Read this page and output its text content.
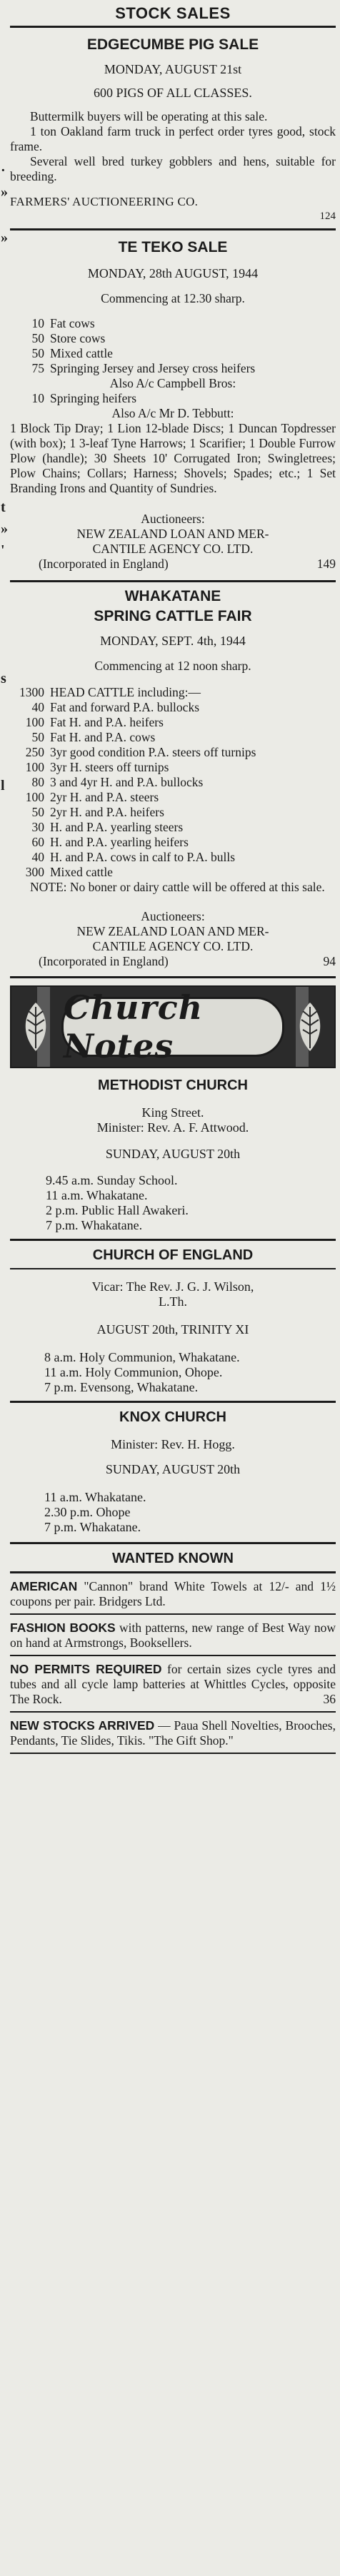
·
»
»
t
»
'
s
l
STOCK SALES
EDGECUMBE PIG SALE
MONDAY, AUGUST 21st
600 PIGS OF ALL CLASSES.
Buttermilk buyers will be operating at this sale.
1 ton Oakland farm truck in perfect order tyres good, stock frame.
Several well bred turkey gobblers and hens, suitable for breeding.
FARMERS' AUCTIONEERING CO.
124
TE TEKO SALE
MONDAY, 28th AUGUST, 1944
Commencing at 12.30 sharp.
10 Fat cows
50 Store cows
50 Mixed cattle
75 Springing Jersey and Jersey cross heifers
Also A/c Campbell Bros:
10 Springing heifers
Also A/c Mr D. Tebbutt:
1 Block Tip Dray; 1 Lion 12-blade Discs; 1 Duncan Topdresser (with box); 1 3-leaf Tyne Harrows; 1 Scarifier; 1 Double Furrow Plow (handle); 30 Sheets 10' Corrugated Iron; Swingletrees; Plow Chains; Collars; Harness; Shovels; Spades; etc.; 1 Set Branding Irons and Quantity of Sundries.
Auctioneers:
NEW ZEALAND LOAN AND MER-
CANTILE AGENCY CO. LTD.
(Incorporated in England)	149
WHAKATANE
SPRING CATTLE FAIR
MONDAY, SEPT. 4th, 1944
Commencing at 12 noon sharp.
1300 HEAD CATTLE including:—
40 Fat and forward P.A. bullocks
100 Fat H. and P.A. heifers
50 Fat H. and P.A. cows
250 3yr good condition P.A. steers off turnips
100 3yr H. steers off turnips
80 3 and 4yr H. and P.A. bullocks
100 2yr H. and P.A. steers
50 2yr H. and P.A. heifers
30 H. and P.A. yearling steers
60 H. and P.A. yearling heifers
40 H. and P.A. cows in calf to P.A. bulls
300 Mixed cattle
NOTE: No boner or dairy cattle will be offered at this sale.
Auctioneers:
NEW ZEALAND LOAN AND MER-
CANTILE AGENCY CO. LTD.
(Incorporated in England)	94
Church Notes
METHODIST CHURCH
King Street.
Minister: Rev. A. F. Attwood.
SUNDAY, AUGUST 20th
9.45 a.m. Sunday School.
11 a.m. Whakatane.
2 p.m. Public Hall Awakeri.
7 p.m. Whakatane.
CHURCH OF ENGLAND
Vicar: The Rev. J. G. J. Wilson,
L.Th.
AUGUST 20th, TRINITY XI
8 a.m. Holy Communion, Whakatane.
11 a.m. Holy Communion, Ohope.
7 p.m. Evensong, Whakatane.
KNOX CHURCH
Minister: Rev. H. Hogg.
SUNDAY, AUGUST 20th
11 a.m. Whakatane.
2.30 p.m. Ohope
7 p.m. Whakatane.
WANTED KNOWN

AMERICAN "Cannon" brand White Towels at 12/- and 1½ coupons per pair. Bridgers Ltd.

FASHION BOOKS with patterns, new range of Best Way now on hand at Armstrongs, Booksellers.

NO PERMITS REQUIRED for certain sizes cycle tyres and tubes and all cycle lamp batteries at Whittles Cycles, opposite The Rock.	36

NEW STOCKS ARRIVED — Paua Shell Novelties, Brooches, Pendants, Tie Slides, Tikis. "The Gift Shop."
